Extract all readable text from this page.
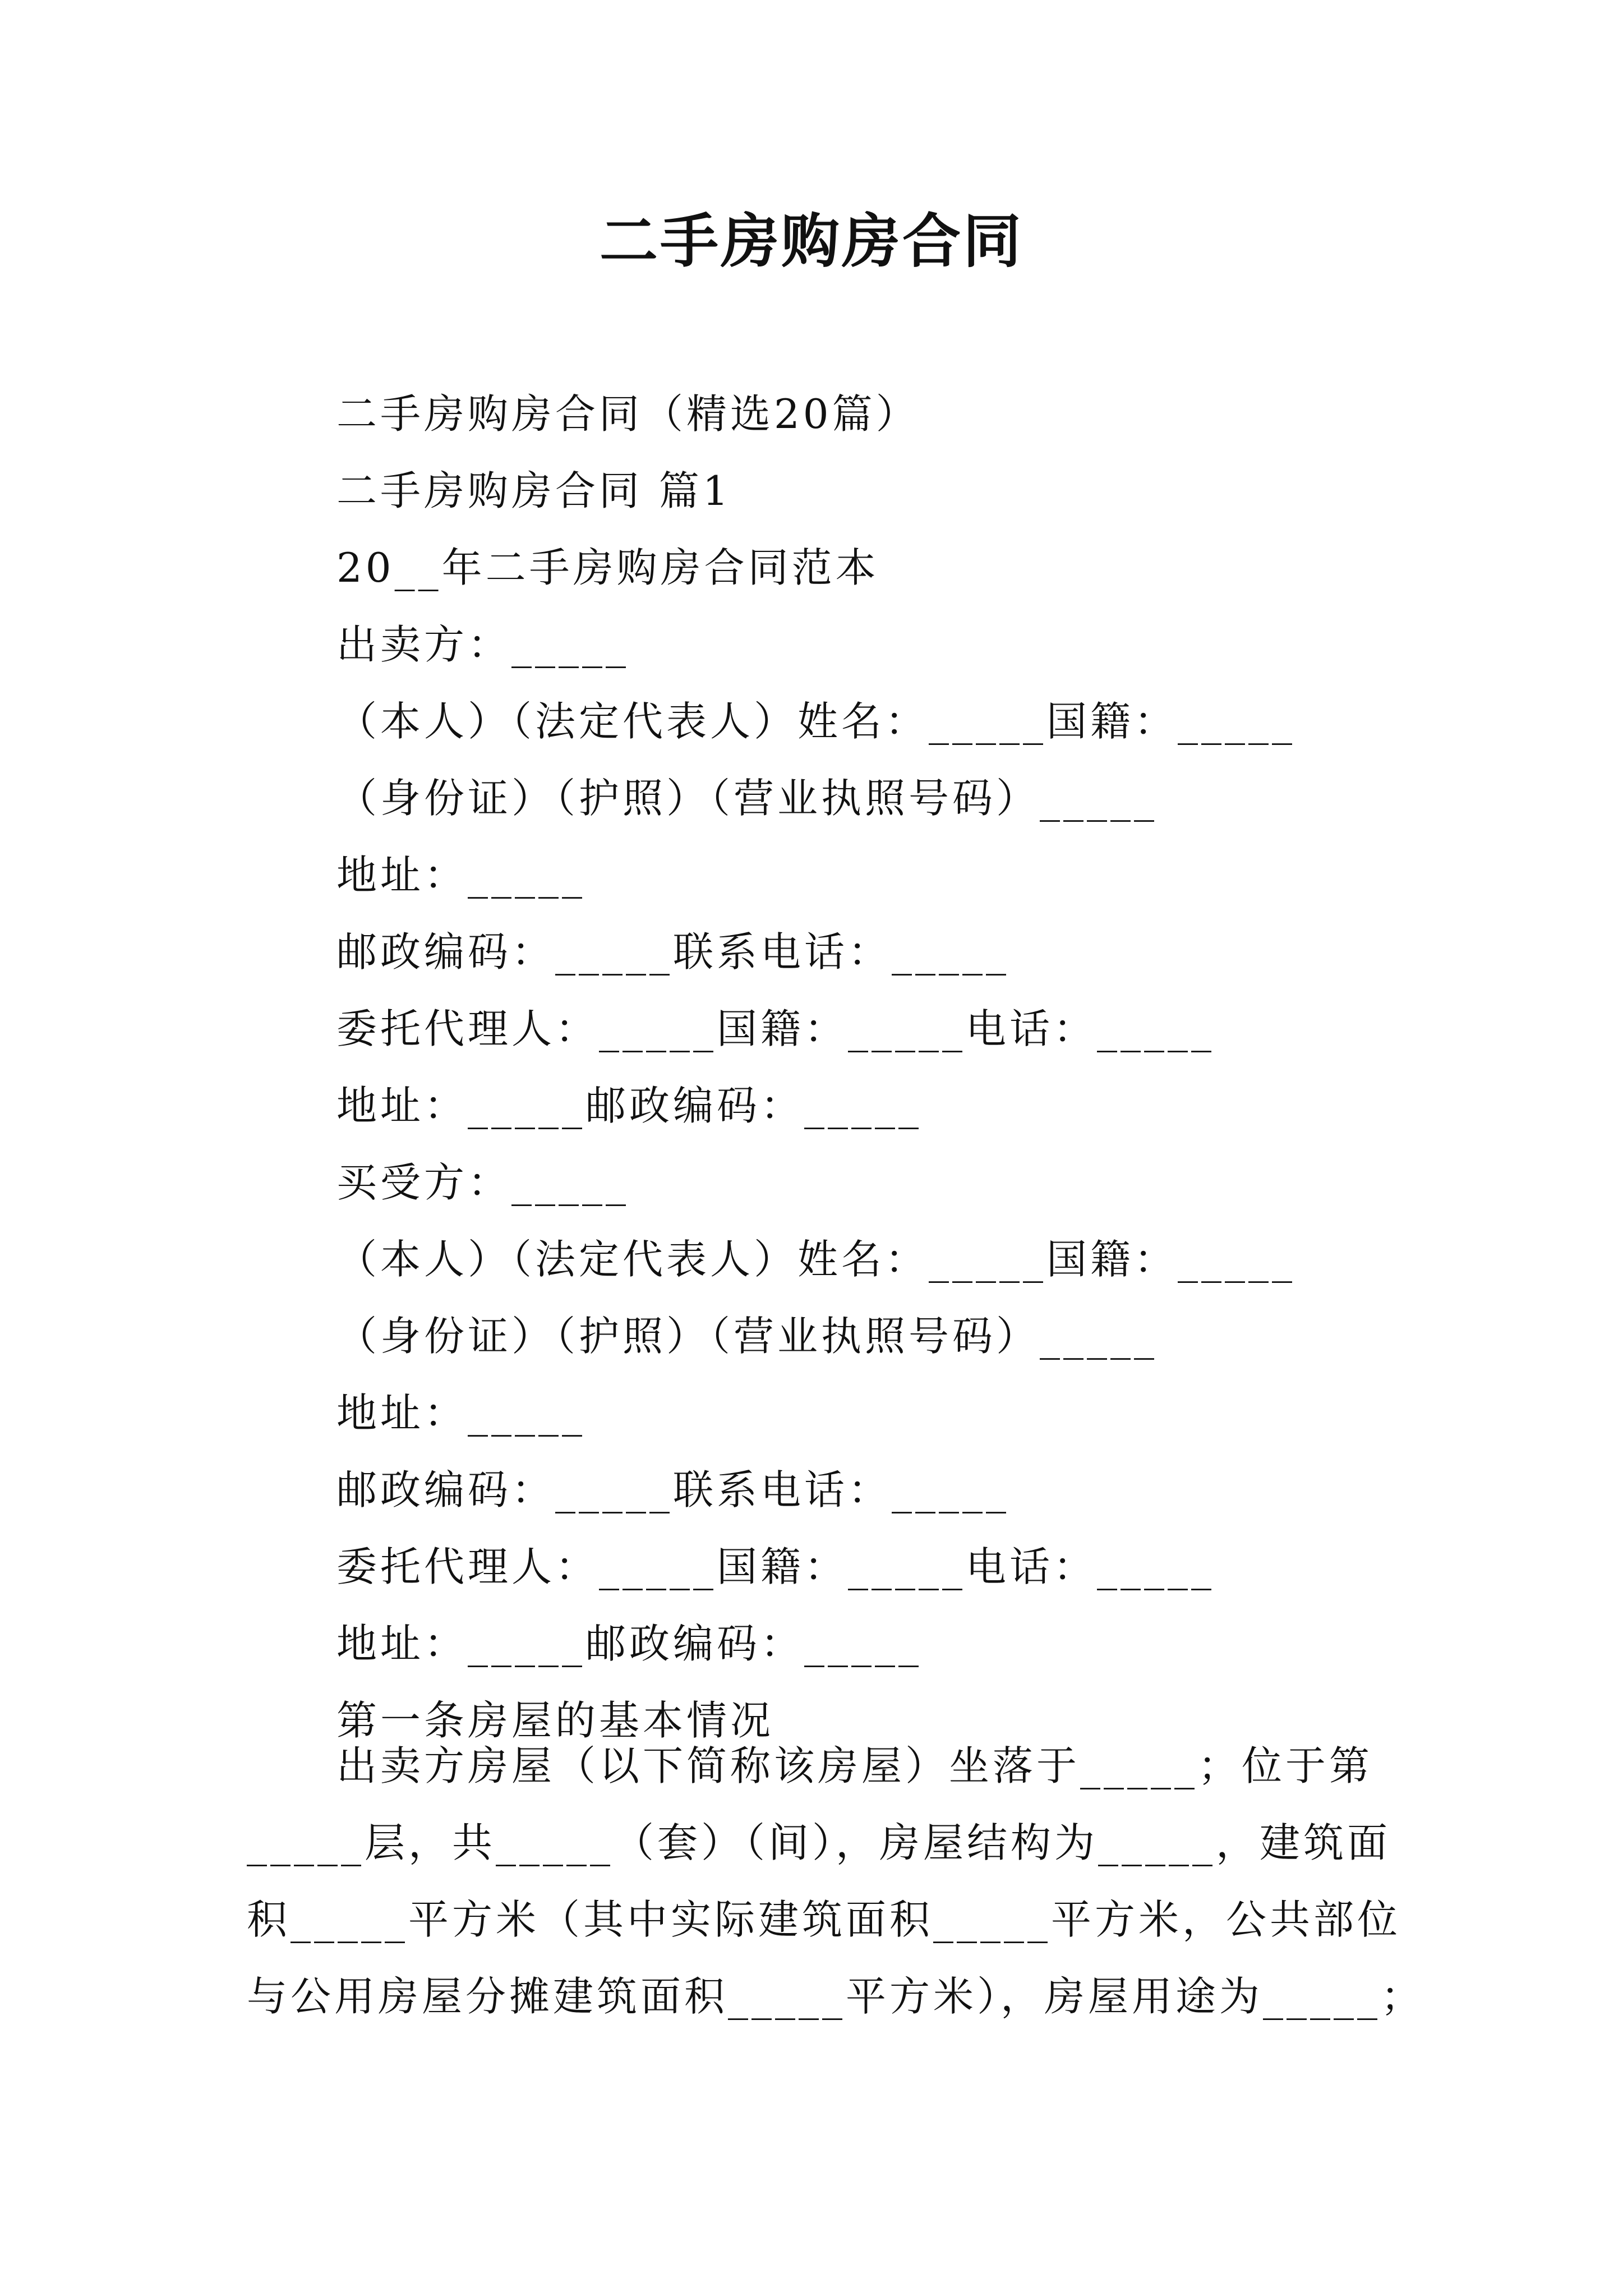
二手房购房合同
二手房购房合同（精选20篇）
二手房购房合同 篇1
20__年二手房购房合同范本
出卖方：_____
（本人）（法定代表人）姓名：_____国籍：_____
（身份证）（护照）（营业执照号码）_____
地址：_____
邮政编码：_____联系电话：_____
委托代理人：_____国籍：_____电话：_____
地址：_____邮政编码：_____
买受方：_____
（本人）（法定代表人）姓名：_____国籍：_____
（身份证）（护照）（营业执照号码）_____
地址：_____
邮政编码：_____联系电话：_____
委托代理人：_____国籍：_____电话：_____
地址：_____邮政编码：_____
第一条房屋的基本情况
出卖方房屋（以下简称该房屋）坐落于_____；位于第
_____层，共_____（套）（间），房屋结构为_____，建筑面
积_____平方米（其中实际建筑面积_____平方米，公共部位
与公用房屋分摊建筑面积_____平方米），房屋用途为_____；
